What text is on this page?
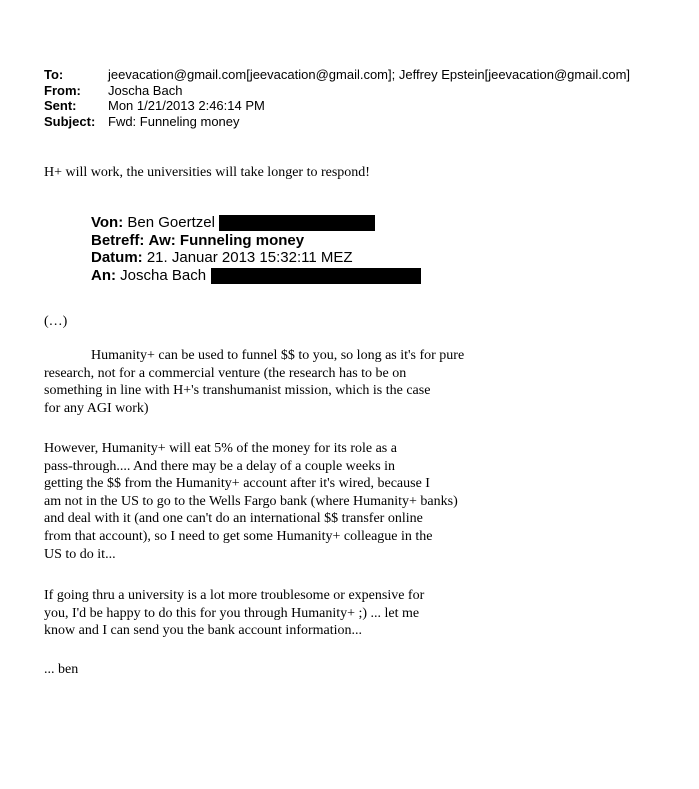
To:	jeevacation@gmail.com[jeevacation@gmail.com]; Jeffrey Epstein[jeevacation@gmail.com]
From:	Joscha Bach
Sent:	Mon 1/21/2013 2:46:14 PM
Subject: Fwd: Funneling money
H+ will work, the universities will take longer to respond!
Von:
Ben Goertzel
Betreff:
Aw: Funneling money
Datum:
21. Januar 2013 15:32:11 MEZ
An:
Joscha Bach
(…)

Humanity+ can be used to funnel $$ to you, so long as it's for pure

research, not for a commercial venture (the research has to be on

something in line with H+'s transhumanist mission, which is the case

for any AGI work)

However, Humanity+ will eat 5% of the money for its role as a

pass-through.... And there may be a delay of a couple weeks in

getting the $$ from the Humanity+ account after it's wired, because I

am not in the US to go to the Wells Fargo bank (where Humanity+ banks)

and deal with it (and one can't do an international $$ transfer online

from that account), so I need to get some Humanity+ colleague in the

US to do it...

If going thru a university is a lot more troublesome or expensive for

you, I'd be happy to do this for you through Humanity+ ;) ... let me

know and I can send you the bank account information...

... ben
